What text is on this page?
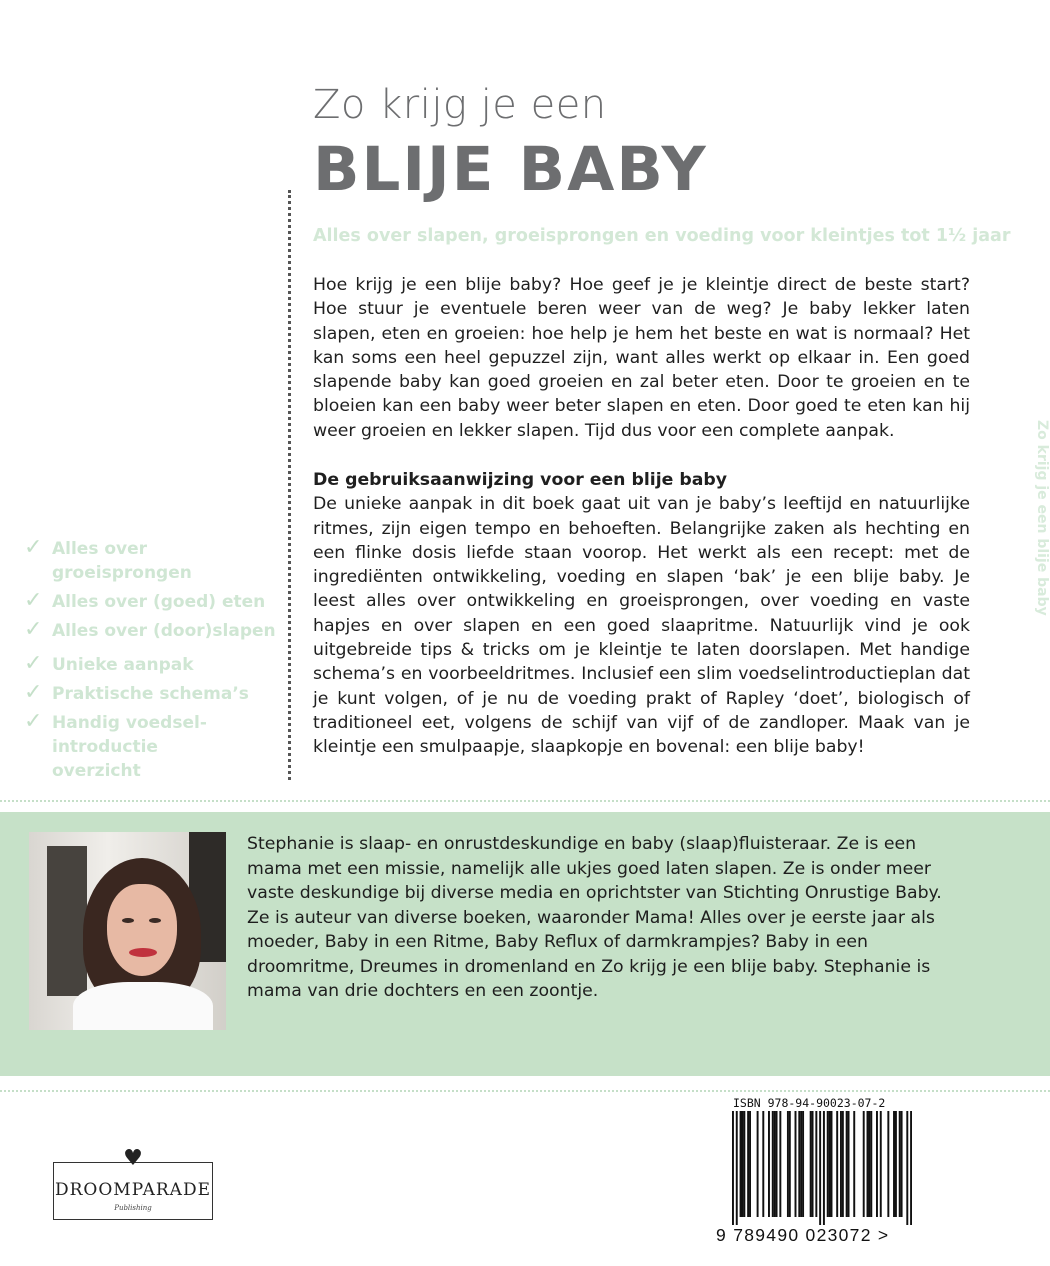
Zo krijg je een
BLIJE BABY
Alles over slapen, groeisprongen en voeding voor kleintjes tot 1½ jaar

Hoe krijg je een blije baby? Hoe geef je je kleintje direct de beste start? Hoe stuur je eventuele beren weer van de weg? Je baby lekker laten slapen, eten en groeien: hoe help je hem het beste en wat is normaal? Het kan soms een heel gepuzzel zijn, want alles werkt op elkaar in. Een goed slapende baby kan goed groeien en zal beter eten. Door te groeien en te bloeien kan een baby weer beter slapen en eten. Door goed te eten kan hij weer groeien en lekker slapen. Tijd dus voor een complete aanpak.

De gebruiksaanwijzing voor een blije baby
De unieke aanpak in dit boek gaat uit van je baby’s leeftijd en natuurlijke ritmes, zijn eigen tempo en behoeften. Belangrijke zaken als hechting en een flinke dosis liefde staan voorop. Het werkt als een recept: met de ingrediënten ontwikkeling, voeding en slapen ‘bak’ je een blije baby. Je leest alles over ontwikkeling en groeisprongen, over voeding en vaste hapjes en over slapen en een goed slaapritme. Natuurlijk vind je ook uitgebreide tips & tricks om je kleintje te laten doorslapen. Met handige schema’s en voorbeeldritmes. Inclusief een slim voedselintroductieplan dat je kunt volgen, of je nu de voeding prakt of Rapley ‘doet’, biologisch of traditioneel eet, volgens de schijf van vijf of de zandloper. Maak van je kleintje een smulpaapje, slaapkopje en bovenal: een blije baby!
✓ Alles over groeisprongen
✓ Alles over (goed) eten
✓ Alles over (door)slapen
✓ Unieke aanpak
✓ Praktische schema’s
✓ Handig voedsel-introductie overzicht

Stephanie is slaap- en onrustdeskundige en baby (slaap)fluisteraar. Ze is een mama met een missie, namelijk alle ukjes goed laten slapen. Ze is onder meer vaste deskundige bij diverse media en oprichtster van Stichting Onrustige Baby. Ze is auteur van diverse boeken, waaronder Mama! Alles over je eerste jaar als moeder, Baby in een Ritme, Baby Reflux of darmkrampjes? Baby in een droomritme, Dreumes in dromenland en Zo krijg je een blije baby. Stephanie is mama van drie dochters en een zoontje.

♥
DROOMPARADE
Publishing
ISBN 978-94-90023-07-2
9 789490 023072 >
Zo krijg je een blije baby
